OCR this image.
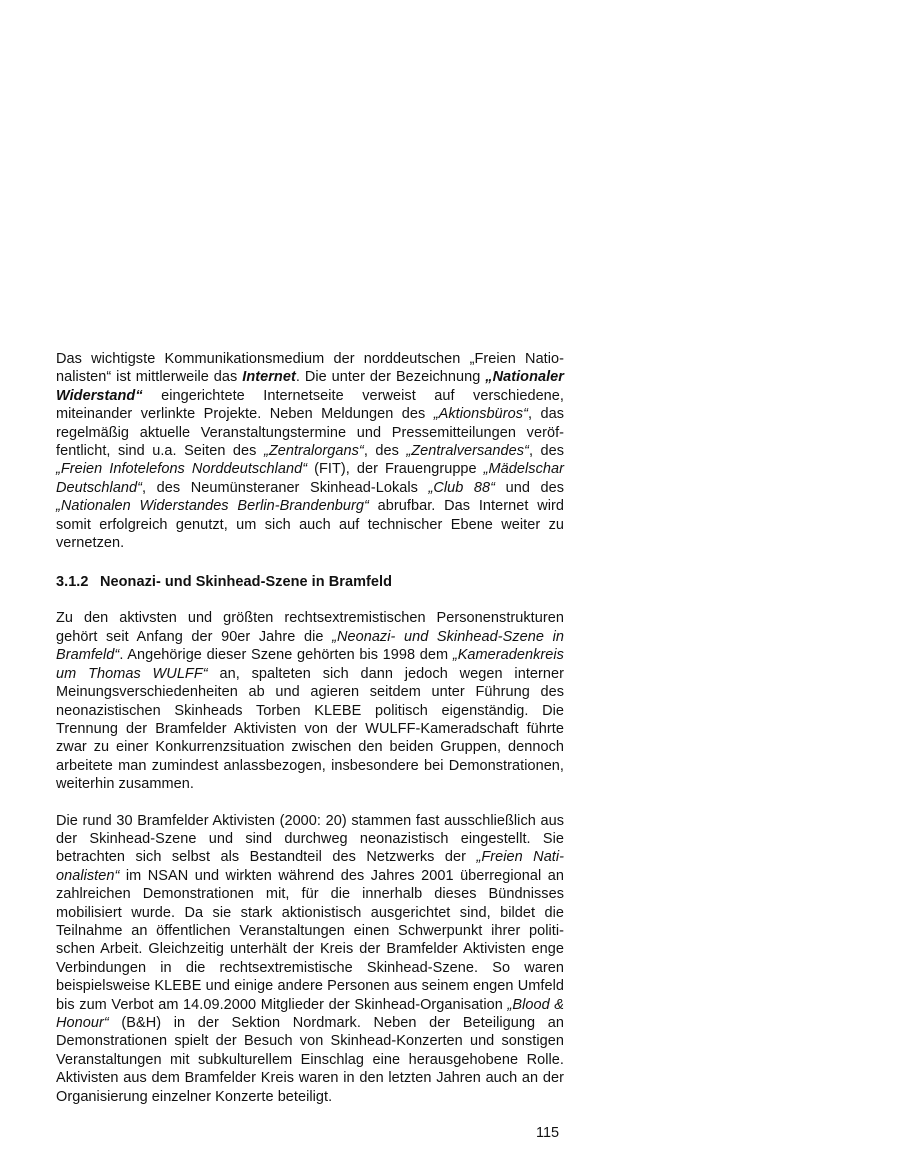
Das wichtigste Kommunikationsmedium der norddeutschen „Freien Nationalisten“ ist mittlerweile das Internet. Die unter der Bezeichnung „Nationaler Widerstand“ eingerichtete Internetseite verweist auf verschiedene, miteinander verlinkte Projekte. Neben Meldungen des „Aktionsbüros“, das regelmäßig aktuelle Veranstaltungstermine und Pressemitteilungen veröffentlicht, sind u.a. Seiten des „Zentralorgans“, des „Zentralversandes“, des „Freien Infotelefons Norddeutschland“ (FIT), der Frauengruppe „Mädelschar Deutschland“, des Neumünsteraner Skinhead-Lokals „Club 88“ und des „Nationalen Widerstandes Berlin-Brandenburg“ abrufbar. Das Internet wird somit erfolgreich genutzt, um sich auch auf technischer Ebene weiter zu vernetzen.

3.1.2 Neonazi- und Skinhead-Szene in Bramfeld

Zu den aktivsten und größten rechtsextremistischen Personenstrukturen gehört seit Anfang der 90er Jahre die „Neonazi- und Skinhead-Szene in Bramfeld“. Angehörige dieser Szene gehörten bis 1998 dem „Kameradenkreis um Thomas WULFF“ an, spalteten sich dann jedoch wegen interner Meinungsverschiedenheiten ab und agieren seitdem unter Führung des neonazistischen Skinheads Torben KLEBE politisch eigenständig. Die Trennung der Bramfelder Aktivisten von der WULFF-Kameradschaft führte zwar zu einer Konkurrenzsituation zwischen den beiden Gruppen, dennoch arbeitete man zumindest anlassbezogen, insbesondere bei Demonstrationen, weiterhin zusammen.

Die rund 30 Bramfelder Aktivisten (2000: 20) stammen fast ausschließlich aus der Skinhead-Szene und sind durchweg neonazistisch eingestellt. Sie betrachten sich selbst als Bestandteil des Netzwerks der „Freien Nationalisten“ im NSAN und wirkten während des Jahres 2001 überregional an zahlreichen Demonstrationen mit, für die innerhalb dieses Bündnisses mobilisiert wurde. Da sie stark aktionistisch ausgerichtet sind, bildet die Teilnahme an öffentlichen Veranstaltungen einen Schwerpunkt ihrer politischen Arbeit. Gleichzeitig unterhält der Kreis der Bramfelder Aktivisten enge Verbindungen in die rechtsextremistische Skinhead-Szene. So waren beispielsweise KLEBE und einige andere Personen aus seinem engen Umfeld bis zum Verbot am 14.09.2000 Mitglieder der Skinhead-Organisation „Blood & Honour“ (B&H) in der Sektion Nordmark. Neben der Beteiligung an Demonstrationen spielt der Besuch von Skinhead-Konzerten und sonstigen Veranstaltungen mit subkulturellem Einschlag eine herausgehobene Rolle. Aktivisten aus dem Bramfelder Kreis waren in den letzten Jahren auch an der Organisierung einzelner Konzerte beteiligt.

115
